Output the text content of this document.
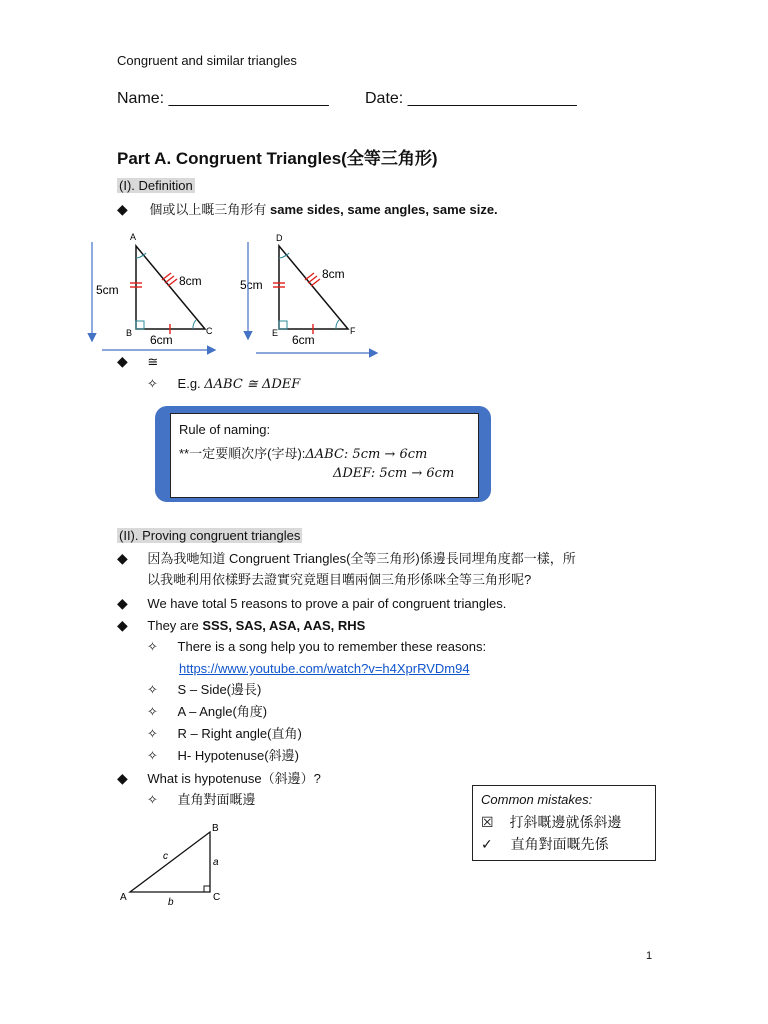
Congruent and similar triangles
Name: __________________ Date: ___________________
Part A. Congruent Triangles(全等三角形)
(I). Definition
◆ 個或以上嘅三角形有 same sides, same angles, same size.
A
B	C
8cm
5cm
6cm
D
E	F
8cm
5cm
6cm
◆ ≅
✧ E.g. ΔABC ≅ ΔDEF
Rule of naming:
**一定要順次序(字母):ΔABC: 5cm → 6cm
ΔDEF: 5cm → 6cm
(II). Proving congruent triangles
◆ 因為我哋知道 Congruent Triangles(全等三角形)係邊長同埋角度都一樣，所
以我哋利用依樣野去證實究竟題目嚿兩個三角形係咪全等三角形呢?
◆ We have total 5 reasons to prove a pair of congruent triangles.
◆ They are SSS, SAS, ASA, AAS, RHS
✧ There is a song help you to remember these reasons:
https://www.youtube.com/watch?v=h4XprRVDm94
✧ S – Side(邊長)
✧ A – Angle(角度)
✧ R – Right angle(直角)
✧ H- Hypotenuse(斜邊)
◆ What is hypotenuse（斜邊）?
✧ 直角對面嘅邊	Common mistakes:
☒ 打斜嘅邊就係斜邊
✓ 直角對面嘅先係
B
A	C
a
b
c
1
